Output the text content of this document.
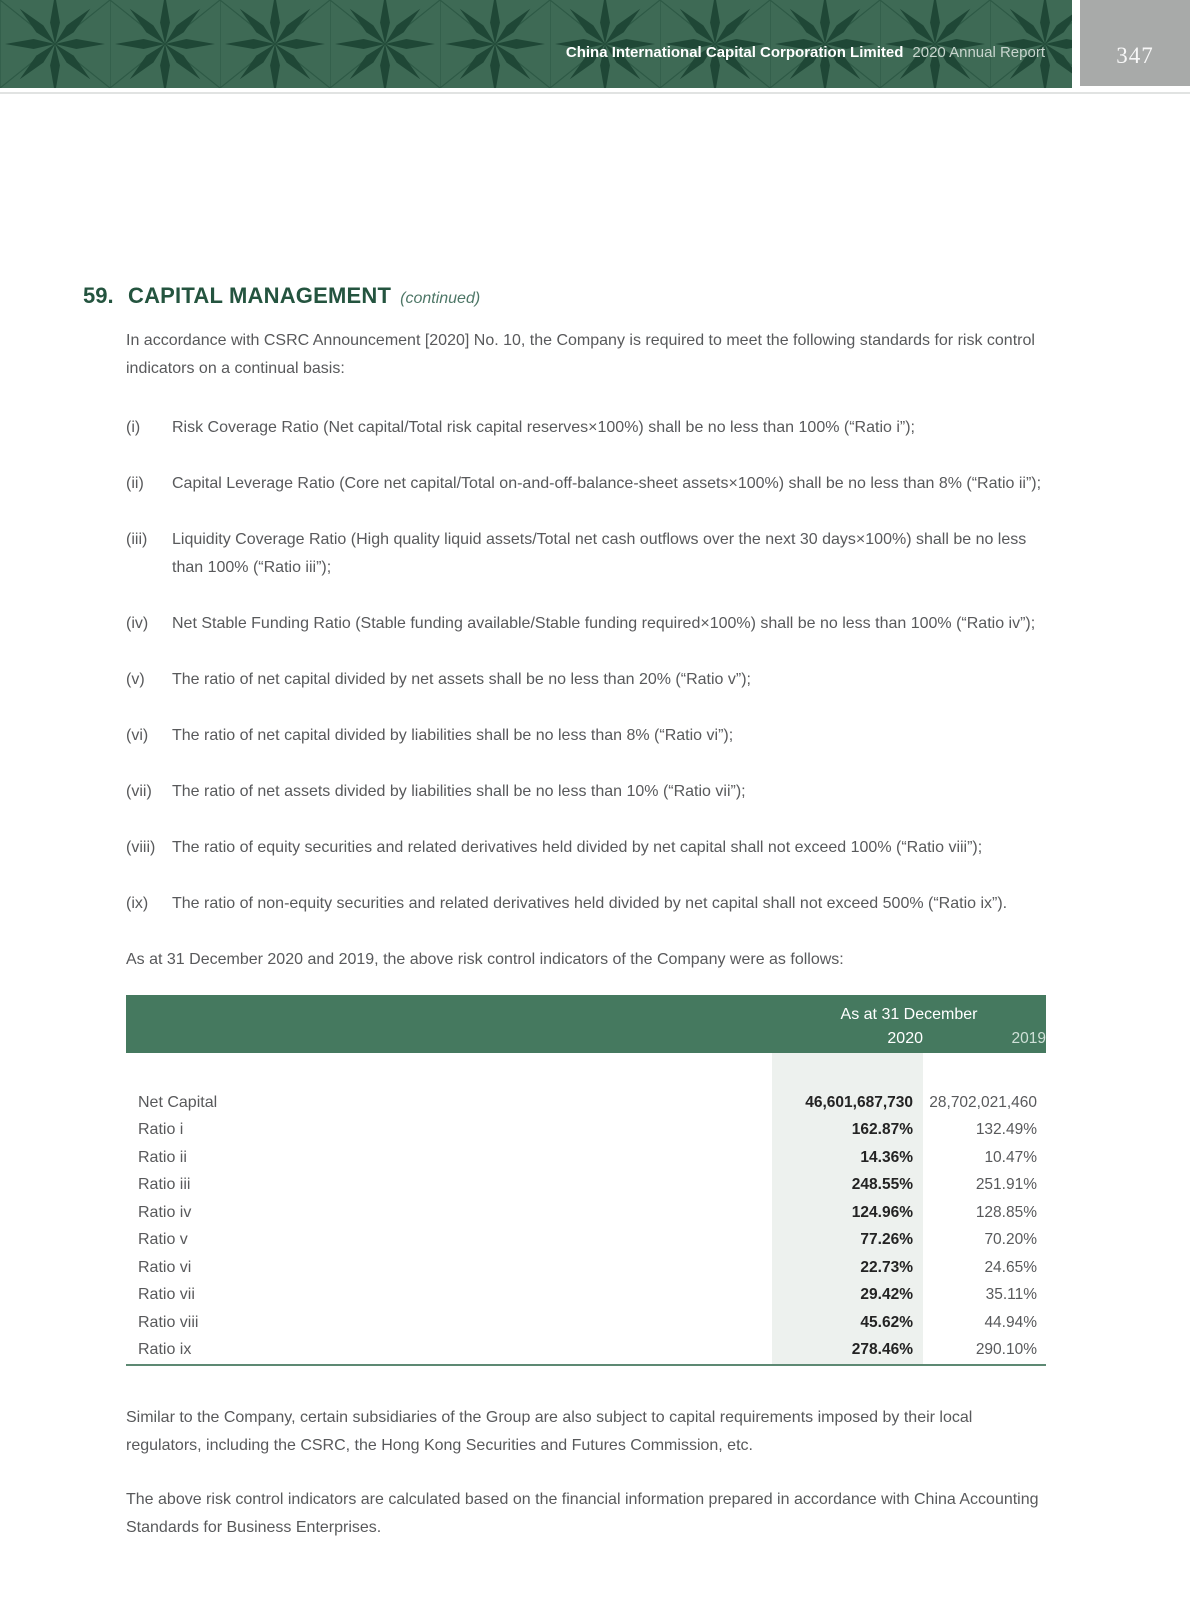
China International Capital Corporation Limited 2020 Annual Report	347
59. CAPITAL MANAGEMENT (continued)

In accordance with CSRC Announcement [2020] No. 10, the Company is required to meet the following standards for risk control indicators on a continual basis:

(i)	Risk Coverage Ratio (Net capital/Total risk capital reserves×100%) shall be no less than 100% (“Ratio i”);
(ii)	Capital Leverage Ratio (Core net capital/Total on-and-off-balance-sheet assets×100%) shall be no less than 8% (“Ratio ii”);
(iii)	Liquidity Coverage Ratio (High quality liquid assets/Total net cash outflows over the next 30 days×100%) shall be no less than 100% (“Ratio iii”);
(iv)	Net Stable Funding Ratio (Stable funding available/Stable funding required×100%) shall be no less than 100% (“Ratio iv”);
(v)	The ratio of net capital divided by net assets shall be no less than 20% (“Ratio v”);
(vi)	The ratio of net capital divided by liabilities shall be no less than 8% (“Ratio vi”);
(vii)	The ratio of net assets divided by liabilities shall be no less than 10% (“Ratio vii”);
(viii)	The ratio of equity securities and related derivatives held divided by net capital shall not exceed 100% (“Ratio viii”);
(ix)	The ratio of non-equity securities and related derivatives held divided by net capital shall not exceed 500% (“Ratio ix”).

As at 31 December 2020 and 2019, the above risk control indicators of the Company were as follows:

	As at 31 December	
	2020	2019

Net Capital	46,601,687,730	28,702,021,460
Ratio i	162.87%	132.49%
Ratio ii	14.36%	10.47%
Ratio iii	248.55%	251.91%
Ratio iv	124.96%	128.85%
Ratio v	77.26%	70.20%
Ratio vi	22.73%	24.65%
Ratio vii	29.42%	35.11%
Ratio viii	45.62%	44.94%
Ratio ix	278.46%	290.10%

Similar to the Company, certain subsidiaries of the Group are also subject to capital requirements imposed by their local regulators, including the CSRC, the Hong Kong Securities and Futures Commission, etc.

The above risk control indicators are calculated based on the financial information prepared in accordance with China Accounting Standards for Business Enterprises.
